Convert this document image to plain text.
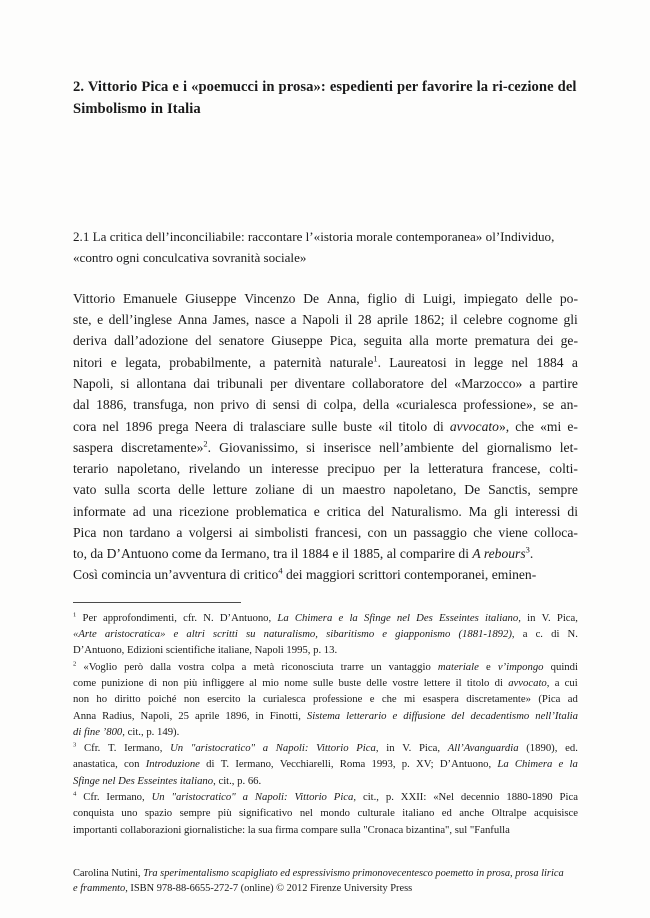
2. Vittorio Pica e i «poemucci in prosa»: espedienti per favorire la ri-cezione del Simbolismo in Italia
2.1 La critica dell’inconciliabile: raccontare l’«istoria morale contemporanea» ol’Individuo, «contro ogni conculcativa sovranità sociale»
Vittorio Emanuele Giuseppe Vincenzo De Anna, figlio di Luigi, impiegato delle po-
ste, e dell’inglese Anna James, nasce a Napoli il 28 aprile 1862; il celebre cognome gli
deriva dall’adozione del senatore Giuseppe Pica, seguita alla morte prematura dei ge-
nitori e legata, probabilmente, a paternità naturale$^1$. Laureatosi in legge nel 1884 a
Napoli, si allontana dai tribunali per diventare collaboratore del «Marzocco» a partire
dal 1886, transfuga, non privo di sensi di colpa, della «curialesca professione», se an-
cora nel 1896 prega Neera di tralasciare sulle buste «il titolo di avvocato», che «mi e-
saspera discretamente»$^2$. Giovanissimo, si inserisce nell’ambiente del giornalismo let-
terario napoletano, rivelando un interesse precipuo per la letteratura francese, colti-
vato sulla scorta delle letture zoliane di un maestro napoletano, De Sanctis, sempre
informate ad una ricezione problematica e critica del Naturalismo. Ma gli interessi di
Pica non tardano a volgersi ai simbolisti francesi, con un passaggio che viene colloca-
to, da D’Antuono come da Iermano, tra il 1884 e il 1885, al comparire di A rebours$^3$.
Così comincia un’avventura di critico$^4$ dei maggiori scrittori contemporanei, eminen-

$^1$ Per approfondimenti, cfr. N. D’Antuono, La Chimera e la Sfinge nel Des Esseintes italiano, in V. Pica,
«Arte aristocratica» e altri scritti su naturalismo, sibaritismo e giapponismo (1881-1892), a c. di N.
D’Antuono, Edizioni scientifiche italiane, Napoli 1995, p. 13.

$^2$ «Voglio però dalla vostra colpa a metà riconosciuta trarre un vantaggio materiale e v’impongo quindi
come punizione di non più infliggere al mio nome sulle buste delle vostre lettere il titolo di avvocato, a cui
non ho diritto poiché non esercito la curialesca professione e che mi esaspera discretamente» (Pica ad
Anna Radius, Napoli, 25 aprile 1896, in Finotti, Sistema letterario e diffusione del decadentismo nell’Italia
di fine ’800, cit., p. 149).

$^3$ Cfr. T. Iermano, Un "aristocratico" a Napoli: Vittorio Pica, in V. Pica, All’Avanguardia (1890), ed.
anastatica, con Introduzione di T. Iermano, Vecchiarelli, Roma 1993, p. XV; D’Antuono, La Chimera e la
Sfinge nel Des Esseintes italiano, cit., p. 66.

$^4$ Cfr. Iermano, Un "aristocratico" a Napoli: Vittorio Pica, cit., p. XXII: «Nel decennio 1880-1890 Pica
conquista uno spazio sempre più significativo nel mondo culturale italiano ed anche Oltralpe acquisisce
importanti collaborazioni giornalistiche: la sua firma compare sulla "Cronaca bizantina", sul "Fanfulla

Carolina Nutini, Tra sperimentalismo scapigliato ed espressivismo primonovecentesco poemetto in prosa, prosa lirica
e frammento, ISBN 978-88-6655-272-7 (online) © 2012 Firenze University Press
